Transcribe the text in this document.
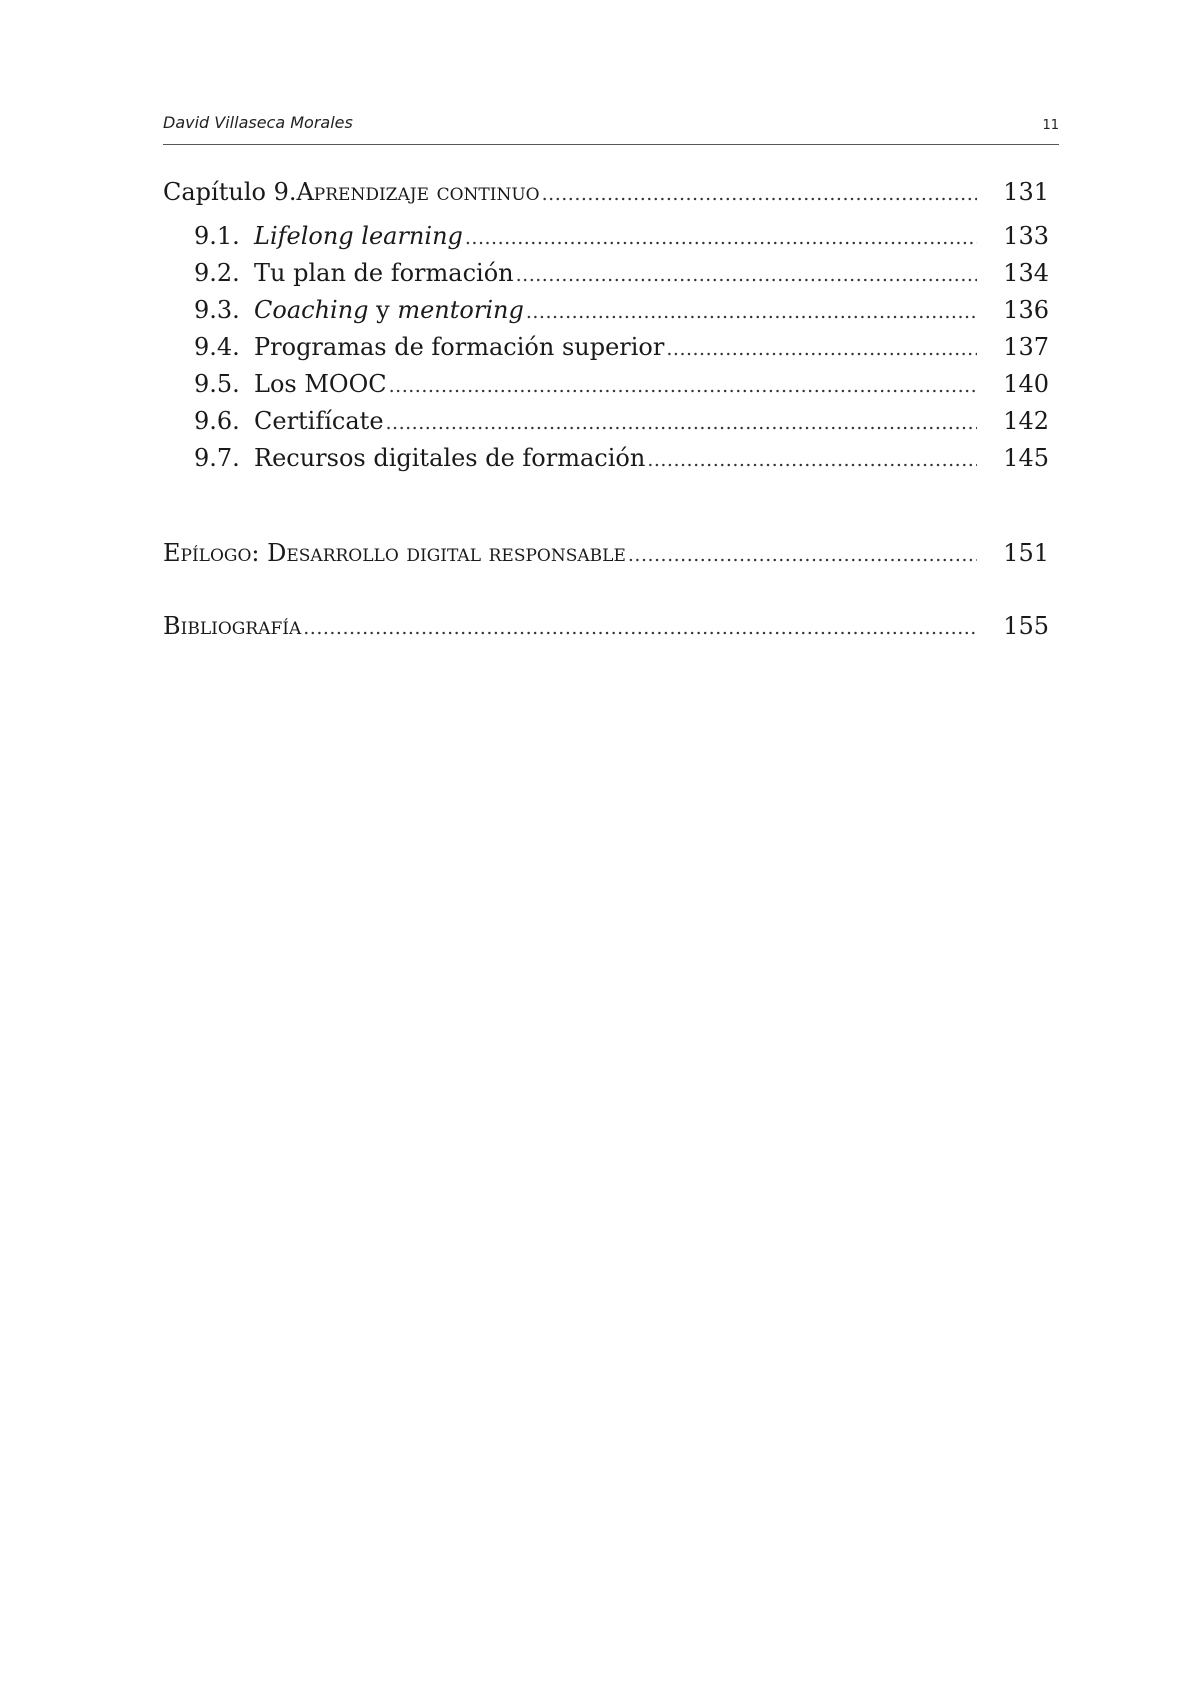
David Villaseca Morales	11
Capítulo 9. Aprendizaje continuo .....	131
9.1. Lifelong learning .....	133
9.2. Tu plan de formación .....	134
9.3. Coaching y mentoring .....	136
9.4. Programas de formación superior .....	137
9.5. Los MOOC .....	140
9.6. Certifícate .....	142
9.7. Recursos digitales de formación .....	145
Epílogo: Desarrollo digital responsable .....	151
Bibliografía .....	155
